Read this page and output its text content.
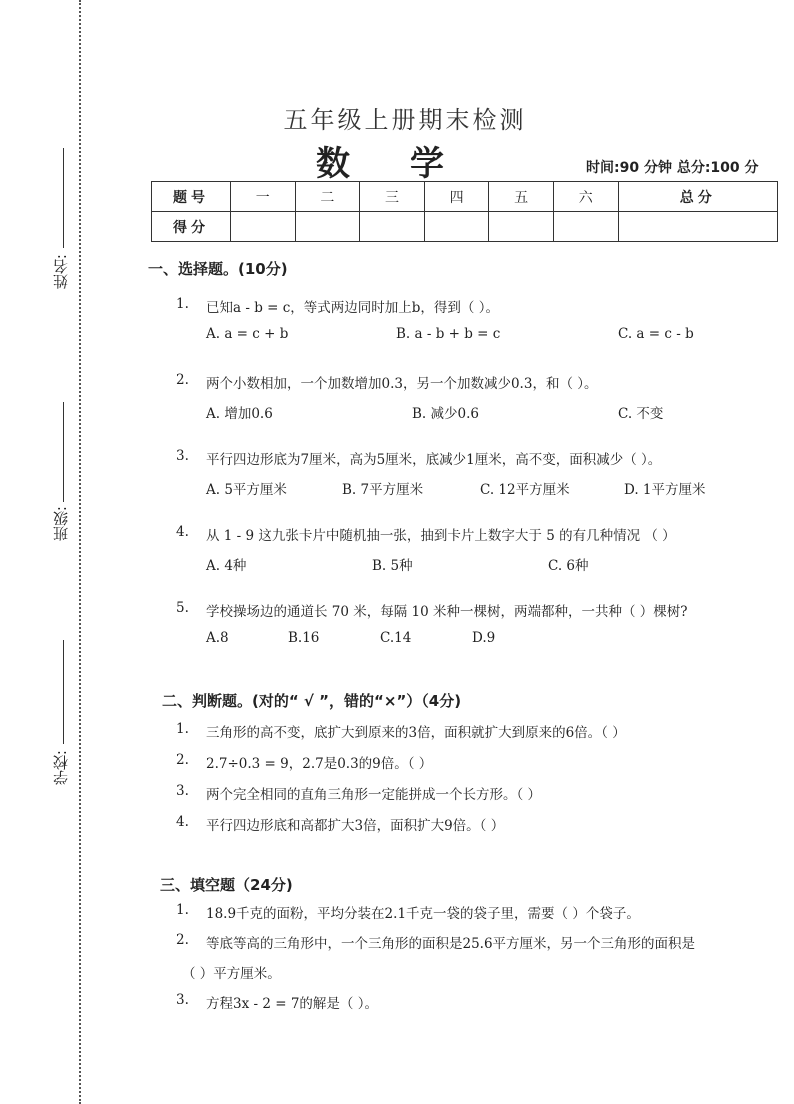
姓名:
班级:
学校:
五年级上册期末检测
数学	时间:90 分钟 总分:100 分
题号	一	二	三	四	五	六	总分
得分							
一、选择题。(10分)
1. 已知a - b = c，等式两边同时加上b，得到（ ）。
A. a = c + b	B. a - b + b = c	C. a = c - b
2. 两个小数相加，一个加数增加0.3，另一个加数减少0.3，和（ ）。
A. 增加0.6	B. 减少0.6	C. 不变
3. 平行四边形底为7厘米，高为5厘米，底减少1厘米，高不变，面积减少（ ）。
A. 5平方厘米	B. 7平方厘米	C. 12平方厘米	D. 1平方厘米
4. 从 1 - 9 这九张卡片中随机抽一张，抽到卡片上数字大于 5 的有几种情况 （ ）
A. 4种	B. 5种	C. 6种
5. 学校操场边的通道长 70 米，每隔 10 米种一棵树，两端都种，一共种（ ）棵树?
A.8	B.16	C.14	D.9
二、判断题。(对的“ √ ”，错的“×”）（4分)
1. 三角形的高不变，底扩大到原来的3倍，面积就扩大到原来的6倍。（ ）
2. 2.7÷0.3 = 9，2.7是0.3的9倍。（ ）
3. 两个完全相同的直角三角形一定能拼成一个长方形。（ ）
4. 平行四边形底和高都扩大3倍，面积扩大9倍。（ ）
三、填空题（24分)
1. 18.9千克的面粉，平均分装在2.1千克一袋的袋子里，需要（ ）个袋子。
2. 等底等高的三角形中，一个三角形的面积是25.6平方厘米，另一个三角形的面积是
（ ）平方厘米。
3. 方程3x - 2 = 7的解是（ ）。
